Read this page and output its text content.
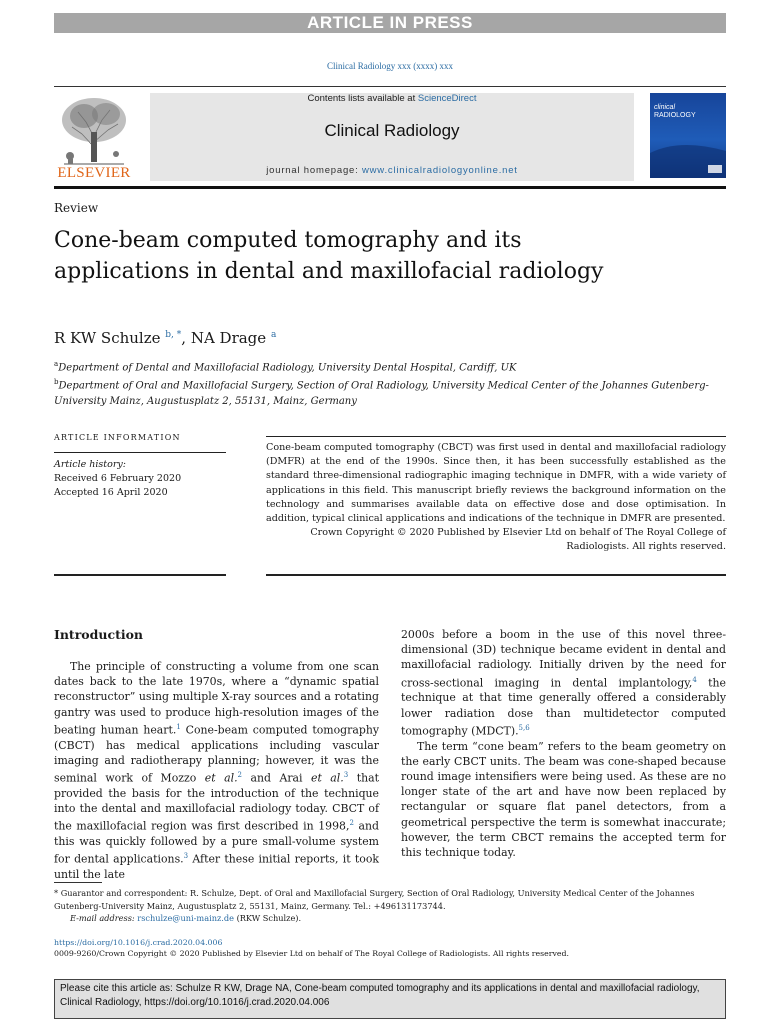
ARTICLE IN PRESS
Clinical Radiology xxx (xxxx) xxx
ELSEVIER
Contents lists available at ScienceDirect
Clinical Radiology
journal homepage: www.clinicalradiologyonline.net
clinical
RADIOLOGY
Review
Cone-beam computed tomography and its applications in dental and maxillofacial radiology
R KW Schulze $^{b, *}$, NA Drage $^a$
$^a$Department of Dental and Maxillofacial Radiology, University Dental Hospital, Cardiff, UK
$^b$Department of Oral and Maxillofacial Surgery, Section of Oral Radiology, University Medical Center of the Johannes Gutenberg-University Mainz, Augustusplatz 2, 55131, Mainz, Germany
ARTICLE INFORMATION
Article history:
Received 6 February 2020
Accepted 16 April 2020
Cone-beam computed tomography (CBCT) was first used in dental and maxillofacial radiology (DMFR) at the end of the 1990s. Since then, it has been successfully established as the standard three-dimensional radiographic imaging technique in DMFR, with a wide variety of applications in this field. This manuscript briefly reviews the background information on the technology and summarises available data on effective dose and dose optimisation. In addition, typical clinical applications and indications of the technique in DMFR are presented.
Crown Copyright © 2020 Published by Elsevier Ltd on behalf of The Royal College of Radiologists. All rights reserved.
Introduction

The principle of constructing a volume from one scan dates back to the late 1970s, where a “dynamic spatial reconstructor” using multiple X-ray sources and a rotating gantry was used to produce high-resolution images of the beating human heart.$^1$ Cone-beam computed tomography (CBCT) has medical applications including vascular imaging and radiotherapy planning; however, it was the seminal work of Mozzo et al.$^2$ and Arai et al.$^3$ that provided the basis for the introduction of the technique into the dental and maxillofacial radiology today. CBCT of the maxillofacial region was first described in 1998,$^2$ and this was quickly followed by a pure small-volume system for dental applications.$^3$ After these initial reports, it took until the late

2000s before a boom in the use of this novel three-dimensional (3D) technique became evident in dental and maxillofacial radiology. Initially driven by the need for cross-sectional imaging in dental implantology,$^4$ the technique at that time generally offered a considerably lower radiation dose than multidetector computed tomography (MDCT).$^{5,6}$

The term “cone beam” refers to the beam geometry on the early CBCT units. The beam was cone-shaped because round image intensifiers were being used. As these are no longer state of the art and have now been replaced by rectangular or square flat panel detectors, from a geometrical perspective the term is somewhat inaccurate; however, the term CBCT remains the accepted term for this technique today.

* Guarantor and correspondent: R. Schulze, Dept. of Oral and Maxillofacial Surgery, Section of Oral Radiology, University Medical Center of the Johannes Gutenberg-University Mainz, Augustusplatz 2, 55131, Mainz, Germany. Tel.: +496131173744.
E-mail address: rschulze@uni-mainz.de (RKW Schulze).
https://doi.org/10.1016/j.crad.2020.04.006
0009-9260/Crown Copyright © 2020 Published by Elsevier Ltd on behalf of The Royal College of Radiologists. All rights reserved.
Please cite this article as: Schulze R KW, Drage NA, Cone-beam computed tomography and its applications in dental and maxillofacial radiology, Clinical Radiology, https://doi.org/10.1016/j.crad.2020.04.006
